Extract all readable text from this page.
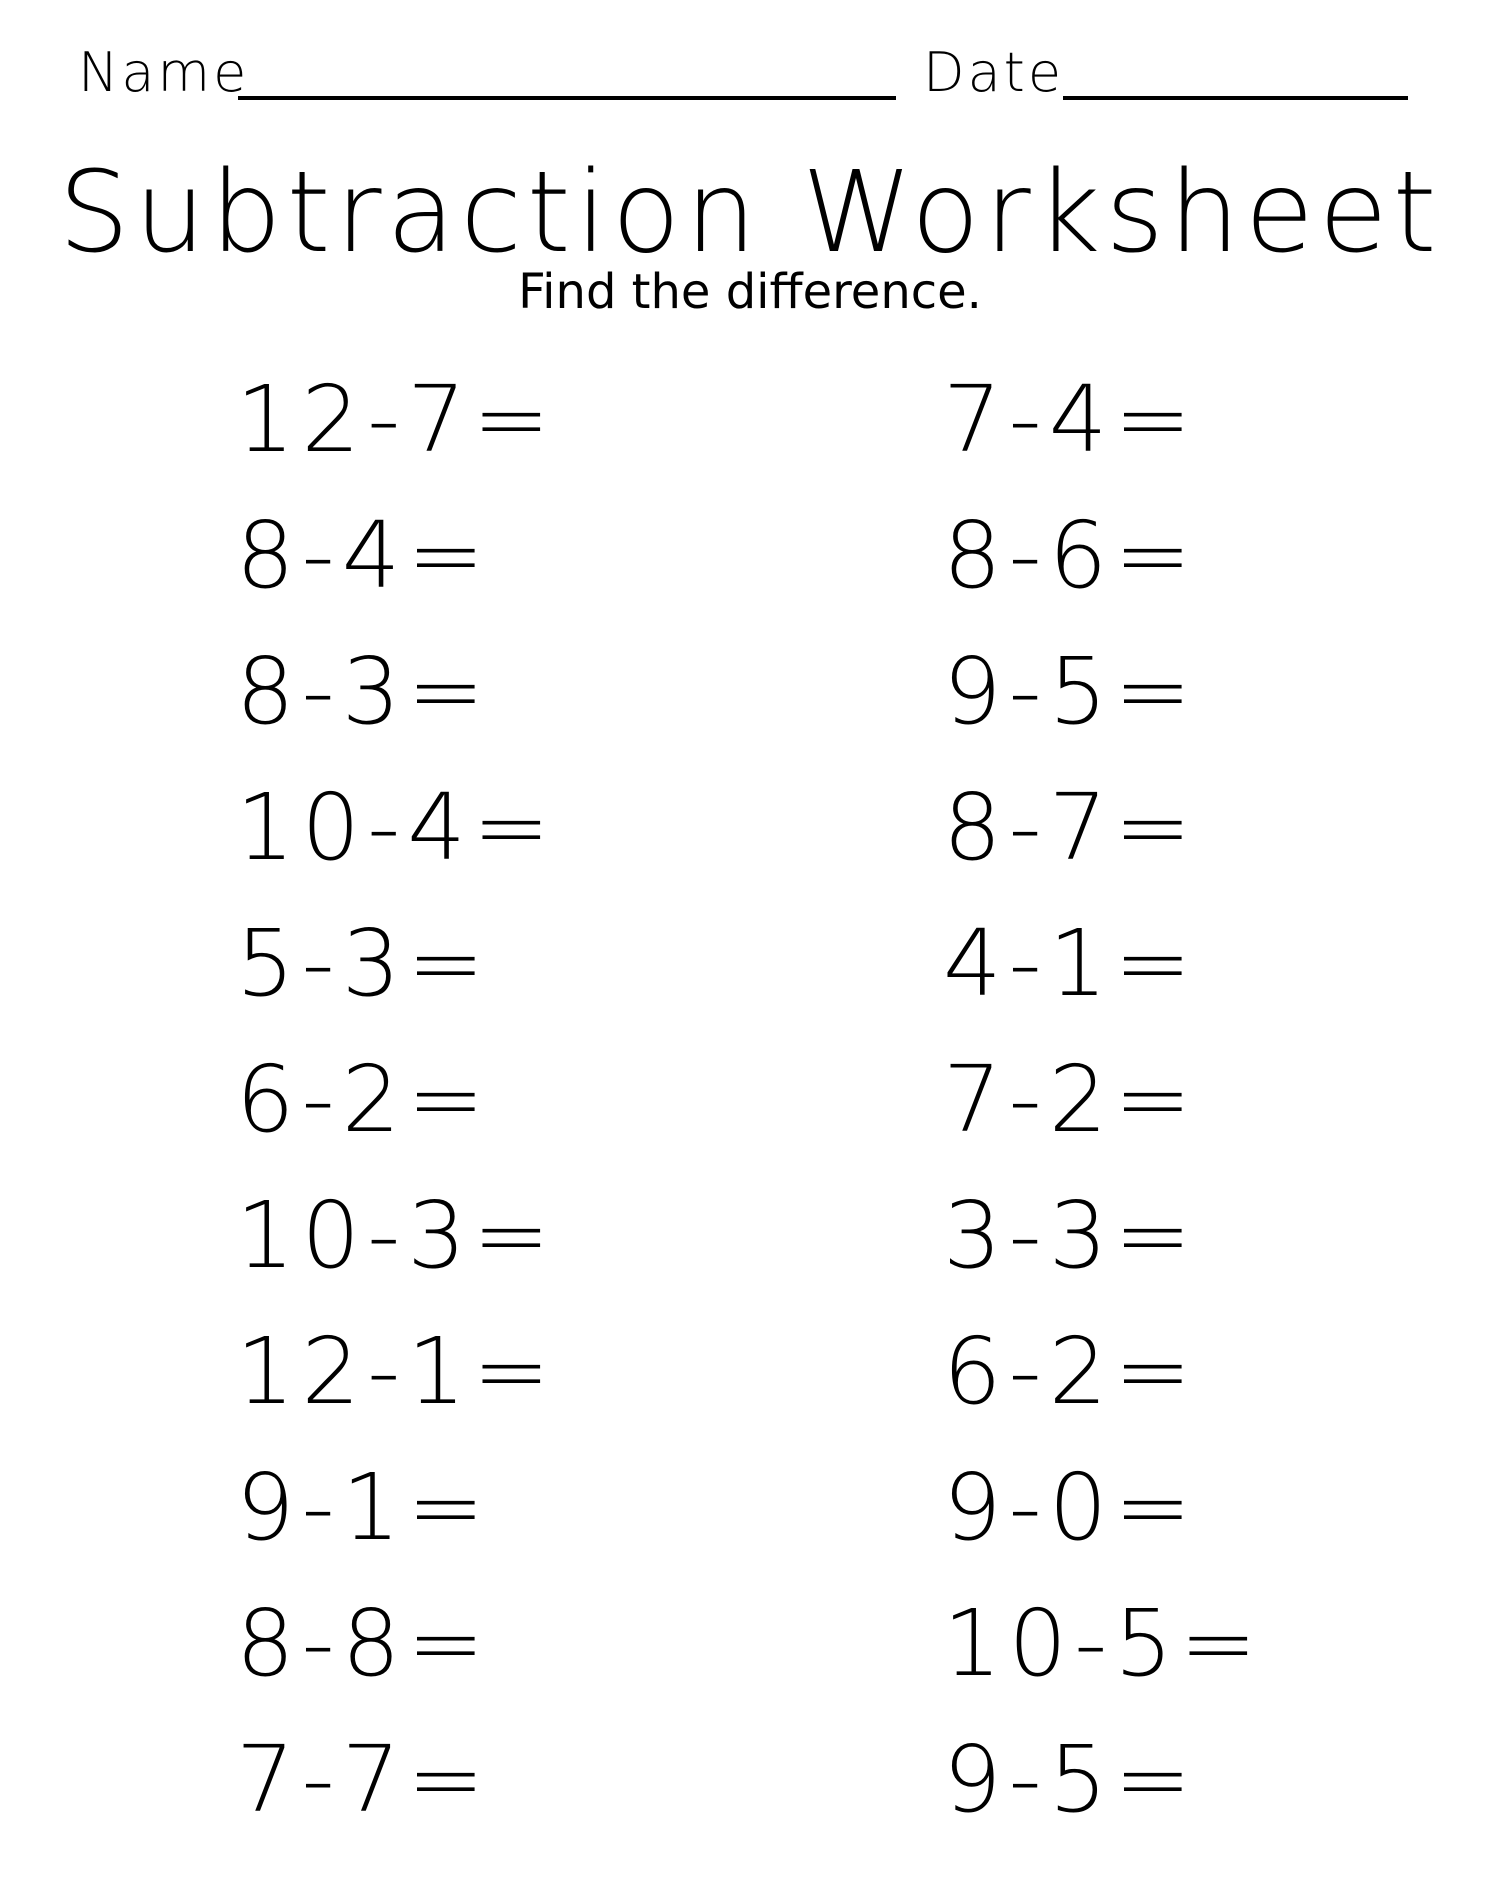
Name	Date
Subtraction Worksheet
Find the difference.
12-7=
8-4=
8-3=
10-4=
5-3=
6-2=
10-3=
12-1=
9-1=
8-8=
7-7=
7-4=
8-6=
9-5=
8-7=
4-1=
7-2=
3-3=
6-2=
9-0=
10-5=
9-5=
